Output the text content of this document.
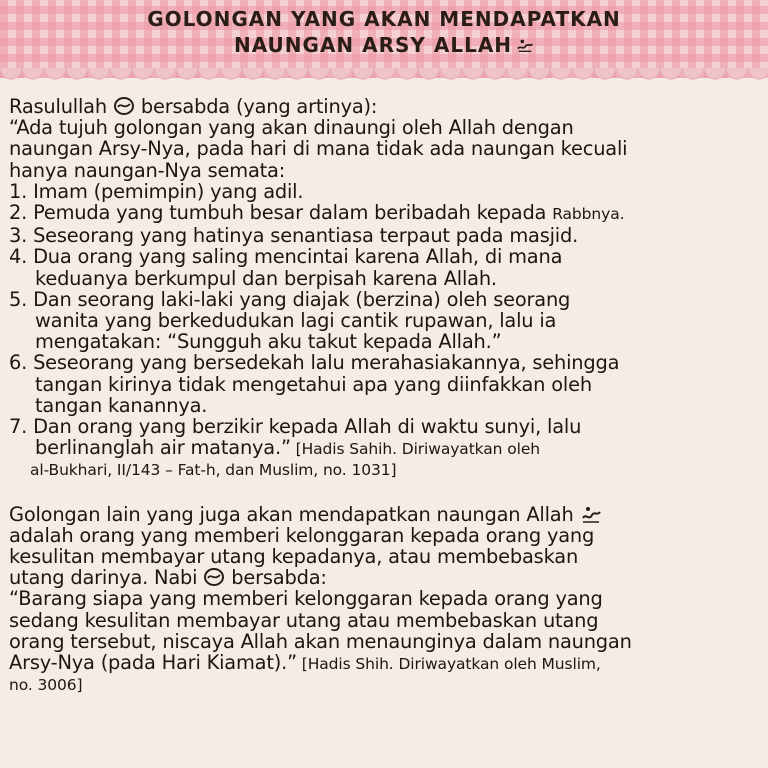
GOLONGAN YANG AKAN MENDAPATKAN
NAUNGAN ARSY ALLAH

Rasulullah bersabda (yang artinya):

“Ada tujuh golongan yang akan dinaungi oleh Allah dengan

naungan Arsy-Nya, pada hari di mana tidak ada naungan kecuali

hanya naungan-Nya semata:

1. Imam (pemimpin) yang adil.

2. Pemuda yang tumbuh besar dalam beribadah kepada Rabbnya.

3. Seseorang yang hatinya senantiasa terpaut pada masjid.

4. Dua orang yang saling mencintai karena Allah, di mana

keduanya berkumpul dan berpisah karena Allah.

5. Dan seorang laki-laki yang diajak (berzina) oleh seorang

wanita yang berkedudukan lagi cantik rupawan, lalu ia

mengatakan: “Sungguh aku takut kepada Allah.”

6. Seseorang yang bersedekah lalu merahasiakannya, sehingga

tangan kirinya tidak mengetahui apa yang diinfakkan oleh

tangan kanannya.

7. Dan orang yang berzikir kepada Allah di waktu sunyi, lalu

berlinanglah air matanya.” [Hadis Sahih. Diriwayatkan oleh

al-Bukhari, II/143 – Fat-h, dan Muslim, no. 1031]

Golongan lain yang juga akan mendapatkan naungan Allah

adalah orang yang memberi kelonggaran kepada orang yang

kesulitan membayar utang kepadanya, atau membebaskan

utang darinya. Nabi bersabda:

“Barang siapa yang memberi kelonggaran kepada orang yang

sedang kesulitan membayar utang atau membebaskan utang

orang tersebut, niscaya Allah akan menaunginya dalam naungan

Arsy-Nya (pada Hari Kiamat).” [Hadis Shih. Diriwayatkan oleh Muslim,

no. 3006]
